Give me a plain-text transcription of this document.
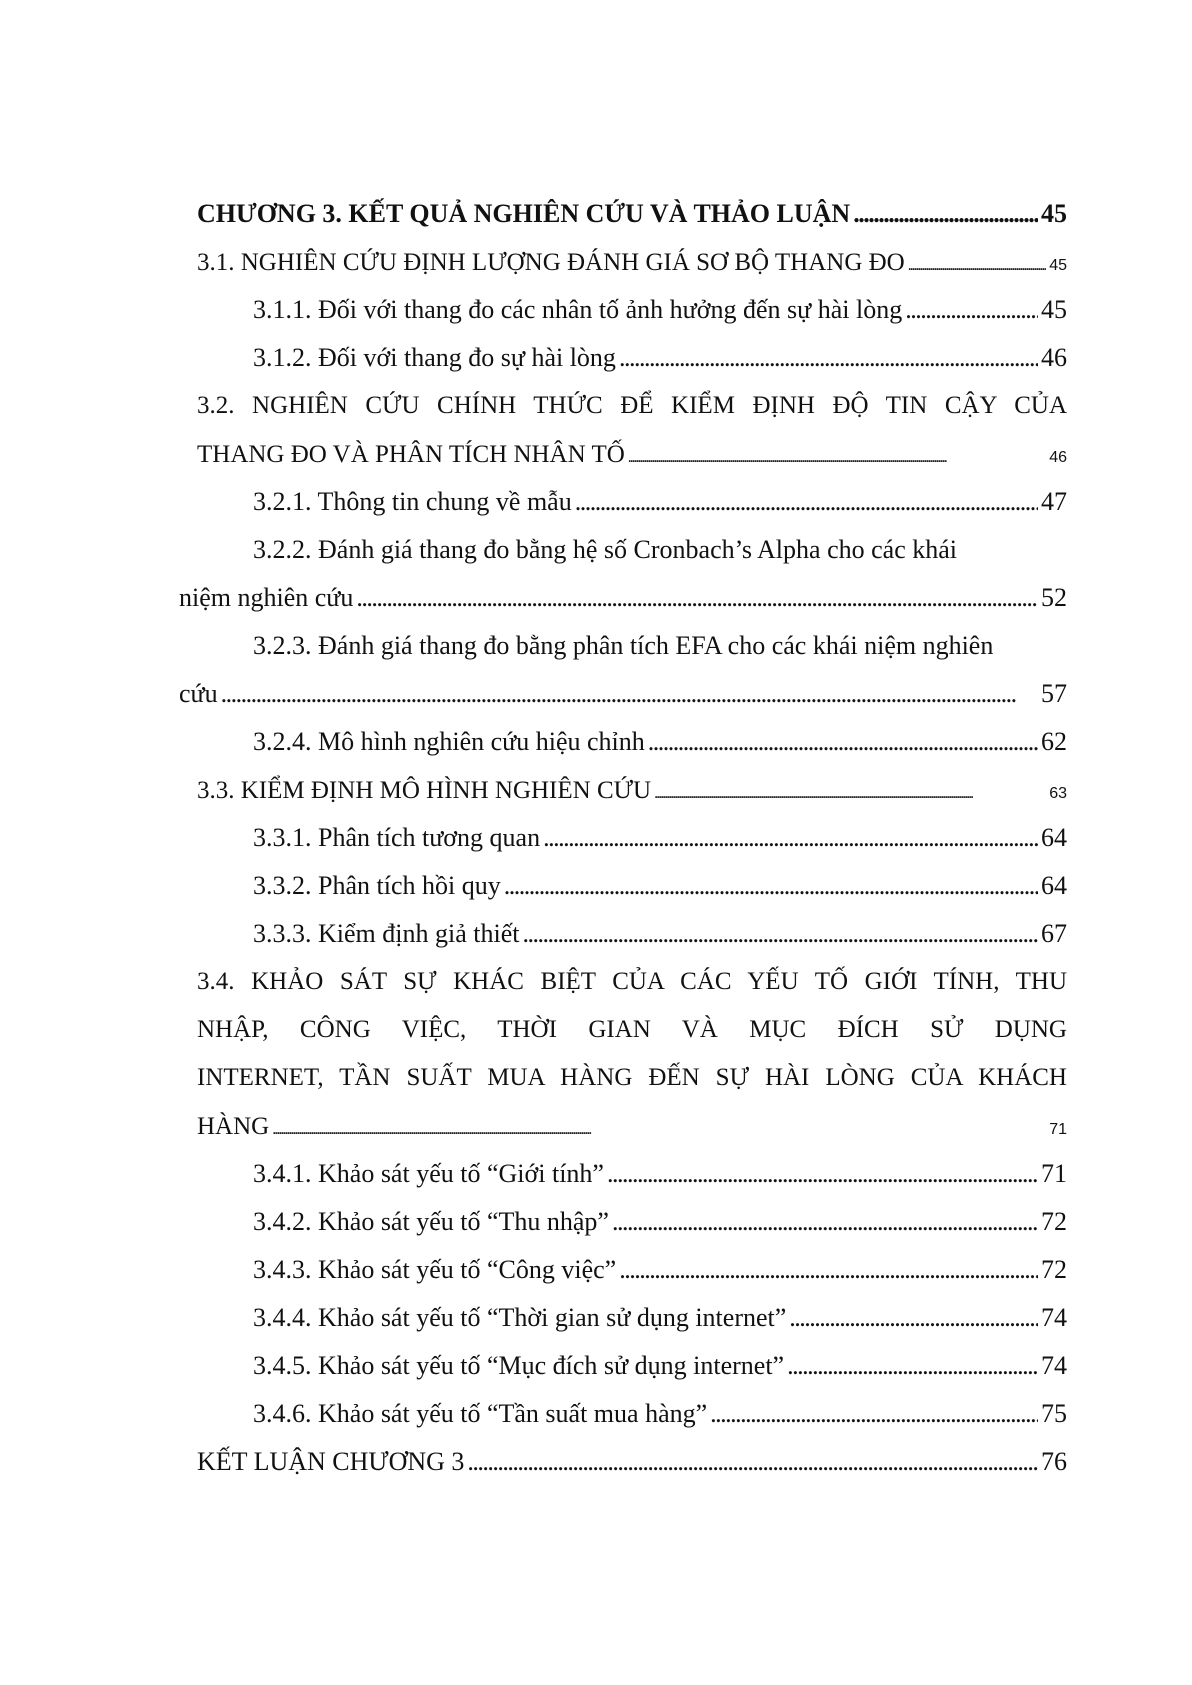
CHƯƠNG 3. KẾT QUẢ NGHIÊN CỨU VÀ THẢO LUẬN . . .	45
3.1. NGHIÊN CỨU ĐỊNH LƯỢNG ĐÁNH GIÁ SƠ BỘ THANG ĐO . . .	45
3.1.1. Đối với thang đo các nhân tố ảnh hưởng đến sự hài lòng . . .	45
3.1.2. Đối với thang đo sự hài lòng . . .	46
3.2. NGHIÊN CỨU CHÍNH THỨC ĐỂ KIỂM ĐỊNH ĐỘ TIN CẬY CỦA
THANG ĐO VÀ PHÂN TÍCH NHÂN TỐ . . .	46
3.2.1. Thông tin chung về mẫu . . .	47
3.2.2. Đánh giá thang đo bằng hệ số Cronbach’s Alpha cho các khái
niệm nghiên cứu . . .	52
3.2.3. Đánh giá thang đo bằng phân tích EFA cho các khái niệm nghiên
cứu . . .	57
3.2.4. Mô hình nghiên cứu hiệu chỉnh . . .	62
3.3. KIỂM ĐỊNH MÔ HÌNH NGHIÊN CỨU . . .	63
3.3.1. Phân tích tương quan . . .	64
3.3.2. Phân tích hồi quy . . .	64
3.3.3. Kiểm định giả thiết . . .	67
3.4. KHẢO SÁT SỰ KHÁC BIỆT CỦA CÁC YẾU TỐ GIỚI TÍNH, THU
NHẬP, CÔNG VIỆC, THỜI GIAN VÀ MỤC ĐÍCH SỬ DỤNG
INTERNET, TẦN SUẤT MUA HÀNG ĐẾN SỰ HÀI LÒNG CỦA KHÁCH
HÀNG . . .	71
3.4.1. Khảo sát yếu tố “Giới tính” . . .	71
3.4.2. Khảo sát yếu tố “Thu nhập” . . .	72
3.4.3. Khảo sát yếu tố “Công việc” . . .	72
3.4.4. Khảo sát yếu tố “Thời gian sử dụng internet” . . .	74
3.4.5. Khảo sát yếu tố “Mục đích sử dụng internet” . . .	74
3.4.6. Khảo sát yếu tố “Tần suất mua hàng” . . .	75
KẾT LUẬN CHƯƠNG 3 . . .	76
